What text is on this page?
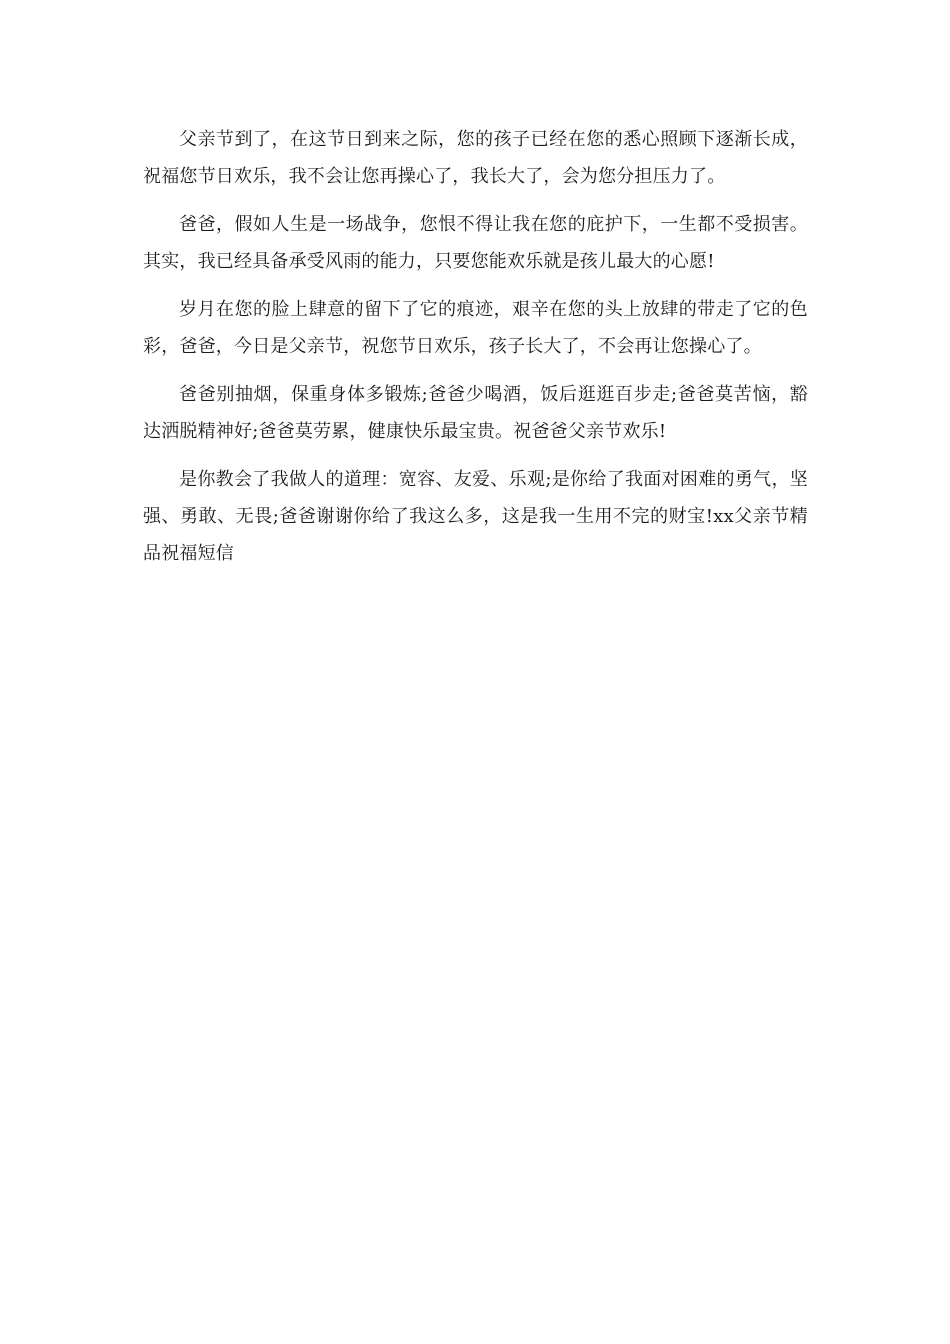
父亲节到了，在这节日到来之际，您的孩子已经在您的悉心照顾下逐渐长成，祝福您节日欢乐，我不会让您再操心了，我长大了，会为您分担压力了。

爸爸，假如人生是一场战争，您恨不得让我在您的庇护下，一生都不受损害。其实，我已经具备承受风雨的能力，只要您能欢乐就是孩儿最大的心愿!

岁月在您的脸上肆意的留下了它的痕迹，艰辛在您的头上放肆的带走了它的色彩，爸爸，今日是父亲节，祝您节日欢乐，孩子长大了，不会再让您操心了。

爸爸别抽烟，保重身体多锻炼;爸爸少喝酒，饭后逛逛百步走;爸爸莫苦恼，豁达洒脱精神好;爸爸莫劳累，健康快乐最宝贵。祝爸爸父亲节欢乐!

是你教会了我做人的道理：宽容、友爱、乐观;是你给了我面对困难的勇气，坚强、勇敢、无畏;爸爸谢谢你给了我这么多，这是我一生用不完的财宝!xx父亲节精品祝福短信
